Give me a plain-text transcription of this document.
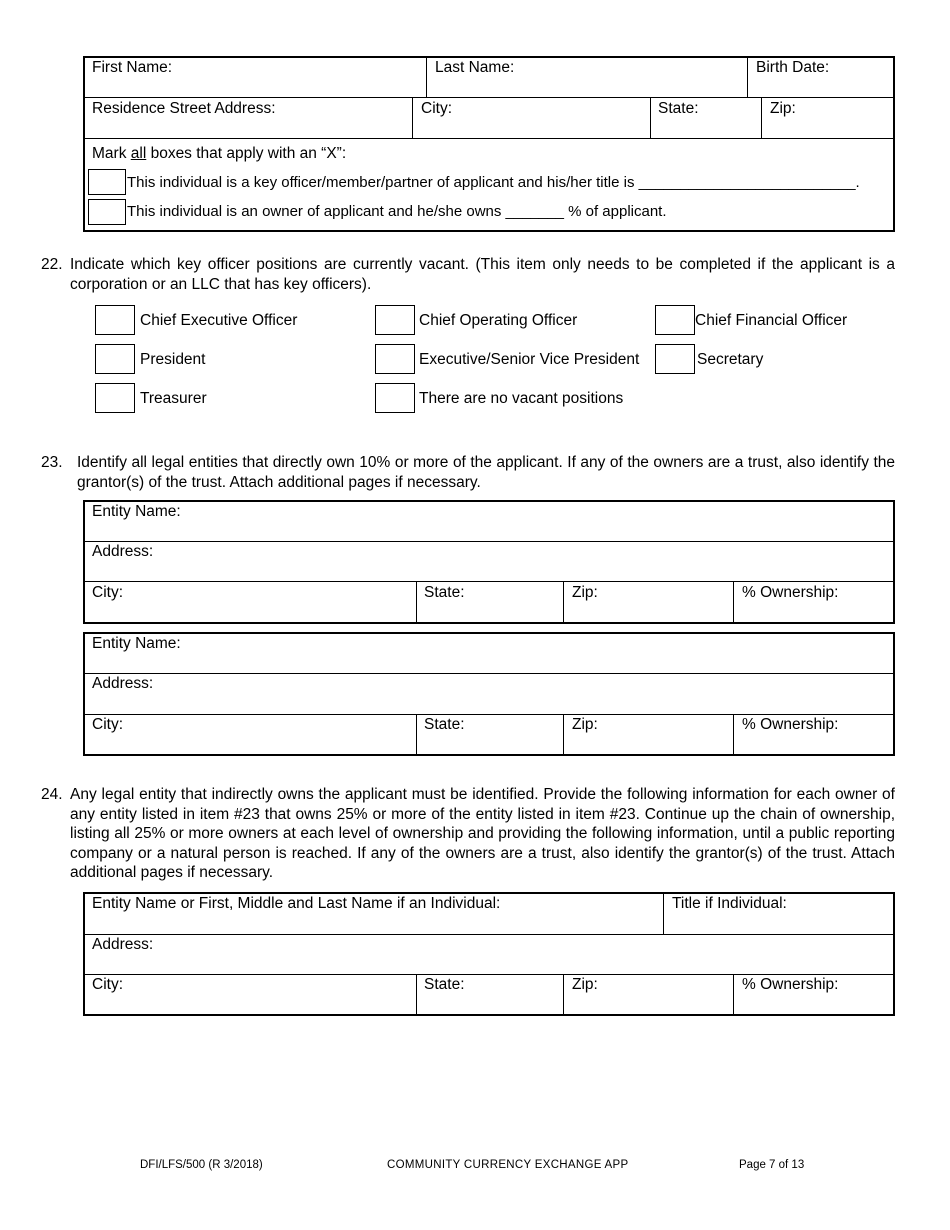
First Name:	Last Name:	Birth Date:
Residence Street Address:	City:	State:	Zip:
Mark all boxes that apply with an “X”:
This individual is a key officer/member/partner of applicant and his/her title is __________________________.
This individual is an owner of applicant and he/she owns _______ % of applicant.
22. Indicate which key officer positions are currently vacant. (This item only needs to be completed if the applicant is a corporation or an LLC that has key officers).
Chief Executive Officer	Chief Operating Officer	Chief Financial Officer
President	Executive/Senior Vice President	Secretary
Treasurer	There are no vacant positions
23. Identify all legal entities that directly own 10% or more of the applicant. If any of the owners are a trust, also identify the grantor(s) of the trust. Attach additional pages if necessary.
Entity Name:
Address:
City:	State:	Zip:	% Ownership:
Entity Name:
Address:
City:	State:	Zip:	% Ownership:
24. Any legal entity that indirectly owns the applicant must be identified. Provide the following information for each owner of any entity listed in item #23 that owns 25% or more of the entity listed in item #23. Continue up the chain of ownership, listing all 25% or more owners at each level of ownership and providing the following information, until a public reporting company or a natural person is reached. If any of the owners are a trust, also identify the grantor(s) of the trust. Attach additional pages if necessary.
Entity Name or First, Middle and Last Name if an Individual:	Title if Individual:
Address:
City:	State:	Zip:	% Ownership:
DFI/LFS/500 (R 3/2018)	COMMUNITY CURRENCY EXCHANGE APP	Page 7 of 13
